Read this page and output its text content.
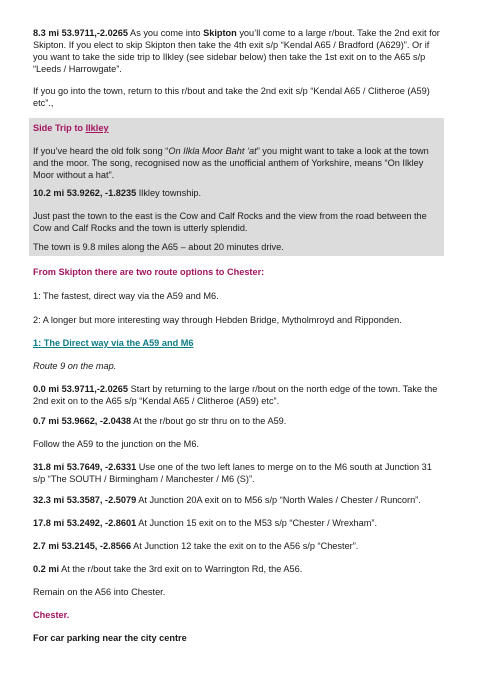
8.3 mi 53.9711,-2.0265 As you come into Skipton you’ll come to a large r/bout. Take the 2nd exit for Skipton. If you elect to skip Skipton then take the 4th exit s/p “Kendal A65 / Bradford (A629)”. Or if you want to take the side trip to Ilkley (see sidebar below) then take the 1st exit on to the A65 s/p “Leeds / Harrowgate”.

If you go into the town, return to this r/bout and take the 2nd exit s/p “Kendal A65 / Clitheroe (A59) etc”.,

Side Trip to Ilkley

If you’ve heard the old folk song “On Ilkla Moor Baht ‘at” you might want to take a look at the town and the moor. The song, recognised now as the unofficial anthem of Yorkshire, means “On Ilkley Moor without a hat”.

10.2 mi 53.9262, -1.8235 Ilkley township.

Just past the town to the east is the Cow and Calf Rocks and the view from the road between the Cow and Calf Rocks and the town is utterly splendid.

The town is 9.8 miles along the A65 – about 20 minutes drive.

From Skipton there are two route options to Chester:

1: The fastest, direct way via the A59 and M6.

2: A longer but more interesting way through Hebden Bridge, Mytholmroyd and Ripponden.

1: The Direct way via the A59 and M6

Route 9 on the map.

0.0 mi 53.9711,-2.0265 Start by returning to the large r/bout on the north edge of the town. Take the 2nd exit on to the A65 s/p “Kendal A65 / Clitheroe (A59) etc”.

0.7 mi 53.9662, -2.0438 At the r/bout go str thru on to the A59.

Follow the A59 to the junction on the M6.

31.8 mi 53.7649, -2.6331 Use one of the two left lanes to merge on to the M6 south at Junction 31 s/p “The SOUTH / Birmingham / Manchester / M6 (S)”.

32.3 mi 53.3587, -2.5079 At Junction 20A exit on to M56 s/p “North Wales / Chester / Runcorn”.

17.8 mi 53.2492, -2.8601 At Junction 15 exit on to the M53 s/p “Chester / Wrexham”.

2.7 mi 53.2145, -2.8566 At Junction 12 take the exit on to the A56 s/p “Chester”.

0.2 mi At the r/bout take the 3rd exit on to Warrington Rd, the A56.

Remain on the A56 into Chester.

Chester.

For car parking near the city centre
